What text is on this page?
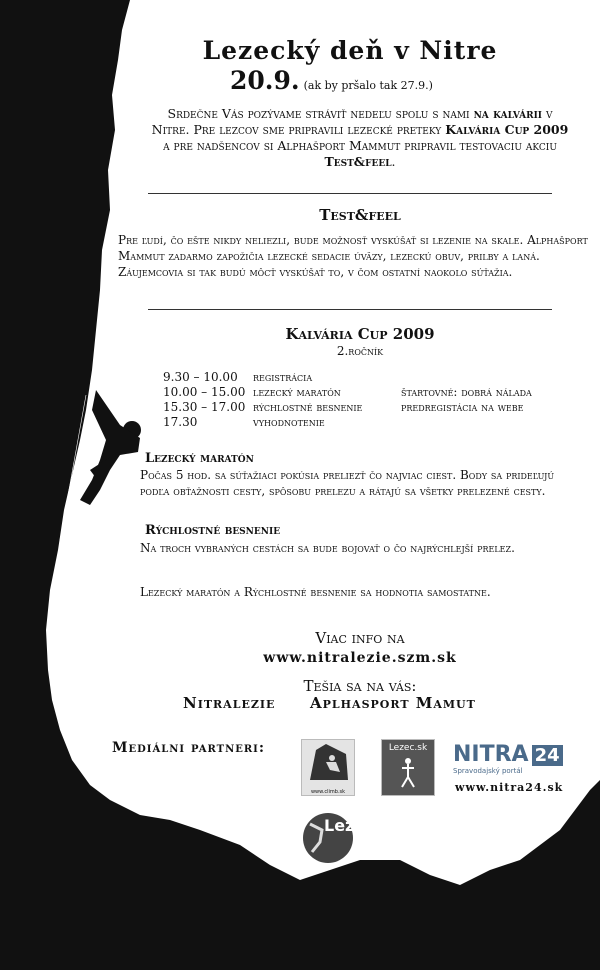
Lezecký deň v Nitre
20.9. (ak by pršalo tak 27.9.)
Srdečne Vás pozývame stráviť nedeľu spolu s nami na kalvárii v Nitre. Pre lezcov sme pripravili lezecké preteky Kalvária Cup 2009 a pre nadšencov si Alphašport Mammut pripravil testovaciu akciu Test&feel.
Test&feel
Pre ľudí, čo ešte nikdy neliezli, bude možnosť vyskúšať si lezenie na skale. Alphašport Mammut zadarmo zapožičia lezecké sedacie úväzy, lezeckú obuv, prilby a laná. Záujemcovia si tak budú môcť vyskúšať to, v čom ostatní naokolo súťažia.
Kalvária Cup 2009
2.ročník
9.30 – 10.00	registrácia	
10.00 – 15.00	lezecký maratón	štartovné: dobrá nálada
15.30 – 17.00	rýchlostné besnenie	predregistácia na webe
17.30	vyhodnotenie	
Lezecký maratón
Počas 5 hod. sa súťažiaci pokúsia preliezť čo najviac ciest. Body sa prideľujú podľa obťažnosti cesty, spôsobu prelezu a rátajú sa všetky prelezené cesty.
Rýchlostné besnenie
Na troch vybraných cestách sa bude bojovať o čo najrýchlejší prelez.
Lezecký maratón a Rýchlostné besnenie sa hodnotia samostatne.
Viac info na
www.nitralezie.szm.sk
Tešia sa na vás:
Nitralezie Aplhasport Mamut
Mediálni partneri:
www.climb.sk
Lezec.sk	NITRA 24
Spravodajský portál
www.nitra24.sk
Lezec
